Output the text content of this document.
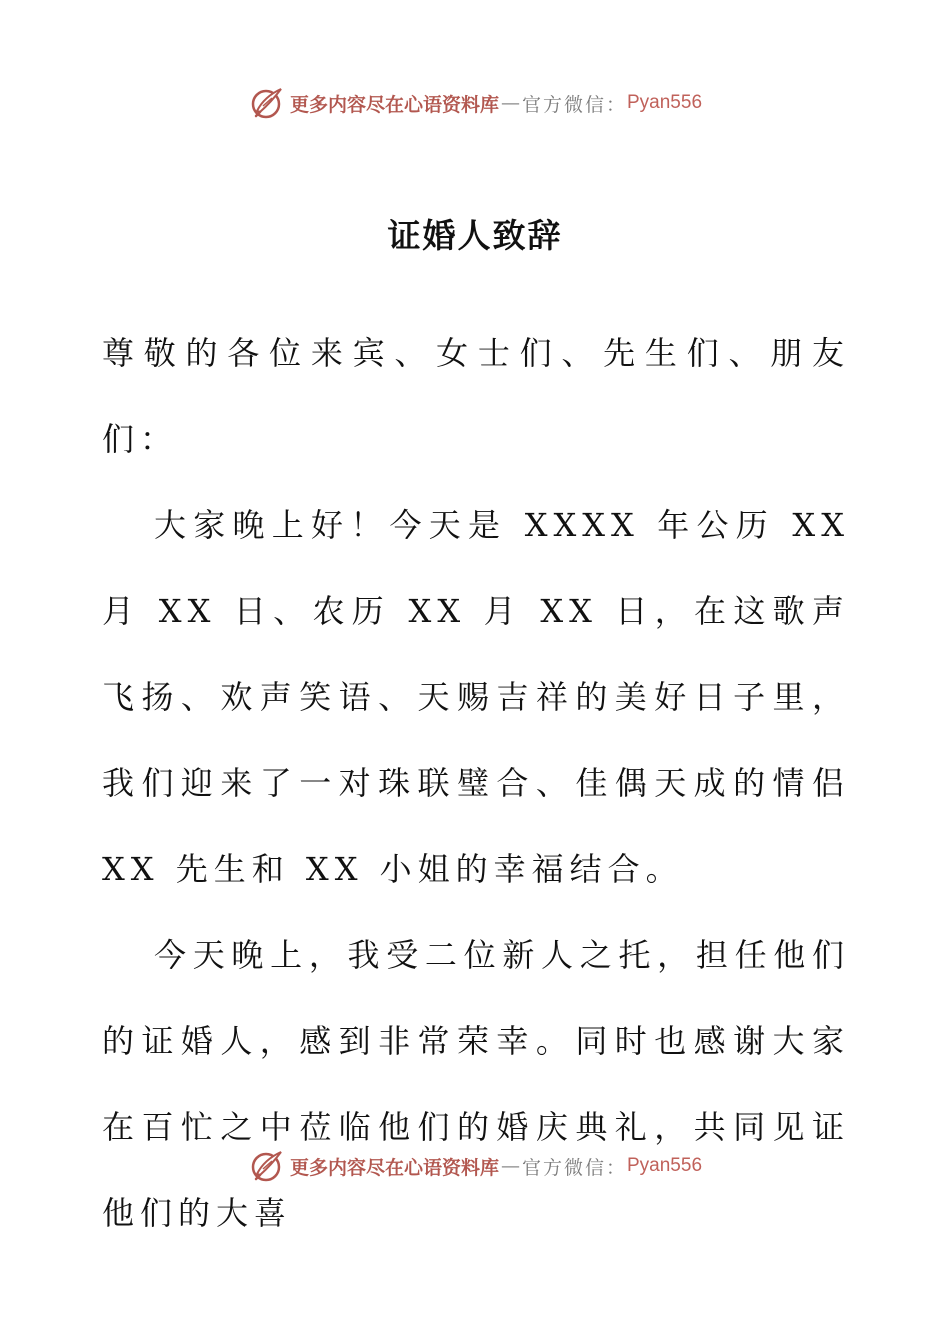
更多内容尽在心语资料库 — 官方微信： Pyan556
证婚人致辞

尊敬的各位来宾、女士们、先生们、朋友们：

大家晚上好！今天是 XXXX 年公历 XX 月 XX 日、农历 XX 月 XX 日，在这歌声飞扬、欢声笑语、天赐吉祥的美好日子里，我们迎来了一对珠联璧合、佳偶天成的情侣 XX 先生和 XX 小姐的幸福结合。

今天晚上，我受二位新人之托，担任他们的证婚人，感到非常荣幸。同时也感谢大家在百忙之中莅临他们的婚庆典礼，共同见证他们的大喜

更多内容尽在心语资料库 — 官方微信： Pyan556
